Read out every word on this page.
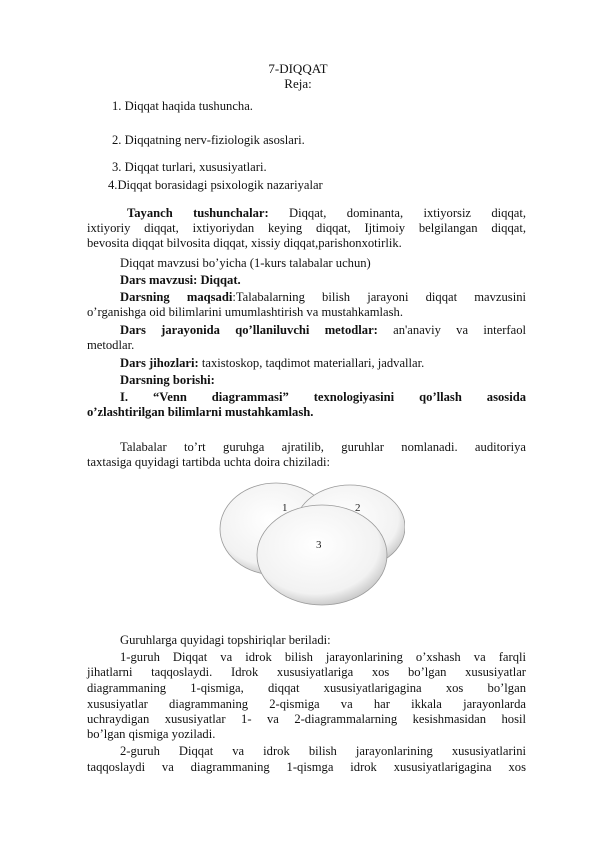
7-DIQQAT
Reja:
1. Diqqat haqida tushuncha.
2. Diqqatning nerv-fiziologik asoslari.
3. Diqqat turlari, xususiyatlari.
4.Diqqat borasidagi psixologik nazariyalar
Tayanch tushunchalar: Diqqat, dominanta, ixtiyorsiz diqqat,
ixtiyoriy diqqat, ixtiyoriydan keying diqqat, Ijtimoiy belgilangan diqqat,
bevosita diqqat bilvosita diqqat, xissiy diqqat,parishonxotirlik.
Diqqat mavzusi bo’yicha (1-kurs talabalar uchun)
Dars mavzusi: Diqqat.
Darsning maqsadi:Talabalarning bilish jarayoni diqqat mavzusini
o’rganishga oid bilimlarini umumlashtirish va mustahkamlash.
Dars jarayonida qo’llaniluvchi metodlar: an'anaviy va interfaol
metodlar.
Dars jihozlari: taxistoskop, taqdimot materiallari, jadvallar.
Darsning borishi:
I. “Venn diagrammasi” texnologiyasini qo’llash asosida
o’zlashtirilgan bilimlarni mustahkamlash.
Talabalar to’rt guruhga ajratilib, guruhlar nomlanadi. auditoriya
taxtasiga quyidagi tartibda uchta doira chiziladi:
1	2
3
Guruhlarga quyidagi topshiriqlar beriladi:
1-guruh Diqqat va idrok bilish jarayonlarining o’xshash va farqli
jihatlarni taqqoslaydi. Idrok xususiyatlariga xos bo’lgan xususiyatlar
diagrammaning 1-qismiga, diqqat xususiyatlarigagina xos bo’lgan
xususiyatlar diagrammaning 2-qismiga va har ikkala jarayonlarda
uchraydigan xususiyatlar 1- va 2-diagrammalarning kesishmasidan hosil
bo’lgan qismiga yoziladi.
2-guruh Diqqat va idrok bilish jarayonlarining xususiyatlarini
taqqoslaydi va diagrammaning 1-qismga idrok xususiyatlarigagina xos
